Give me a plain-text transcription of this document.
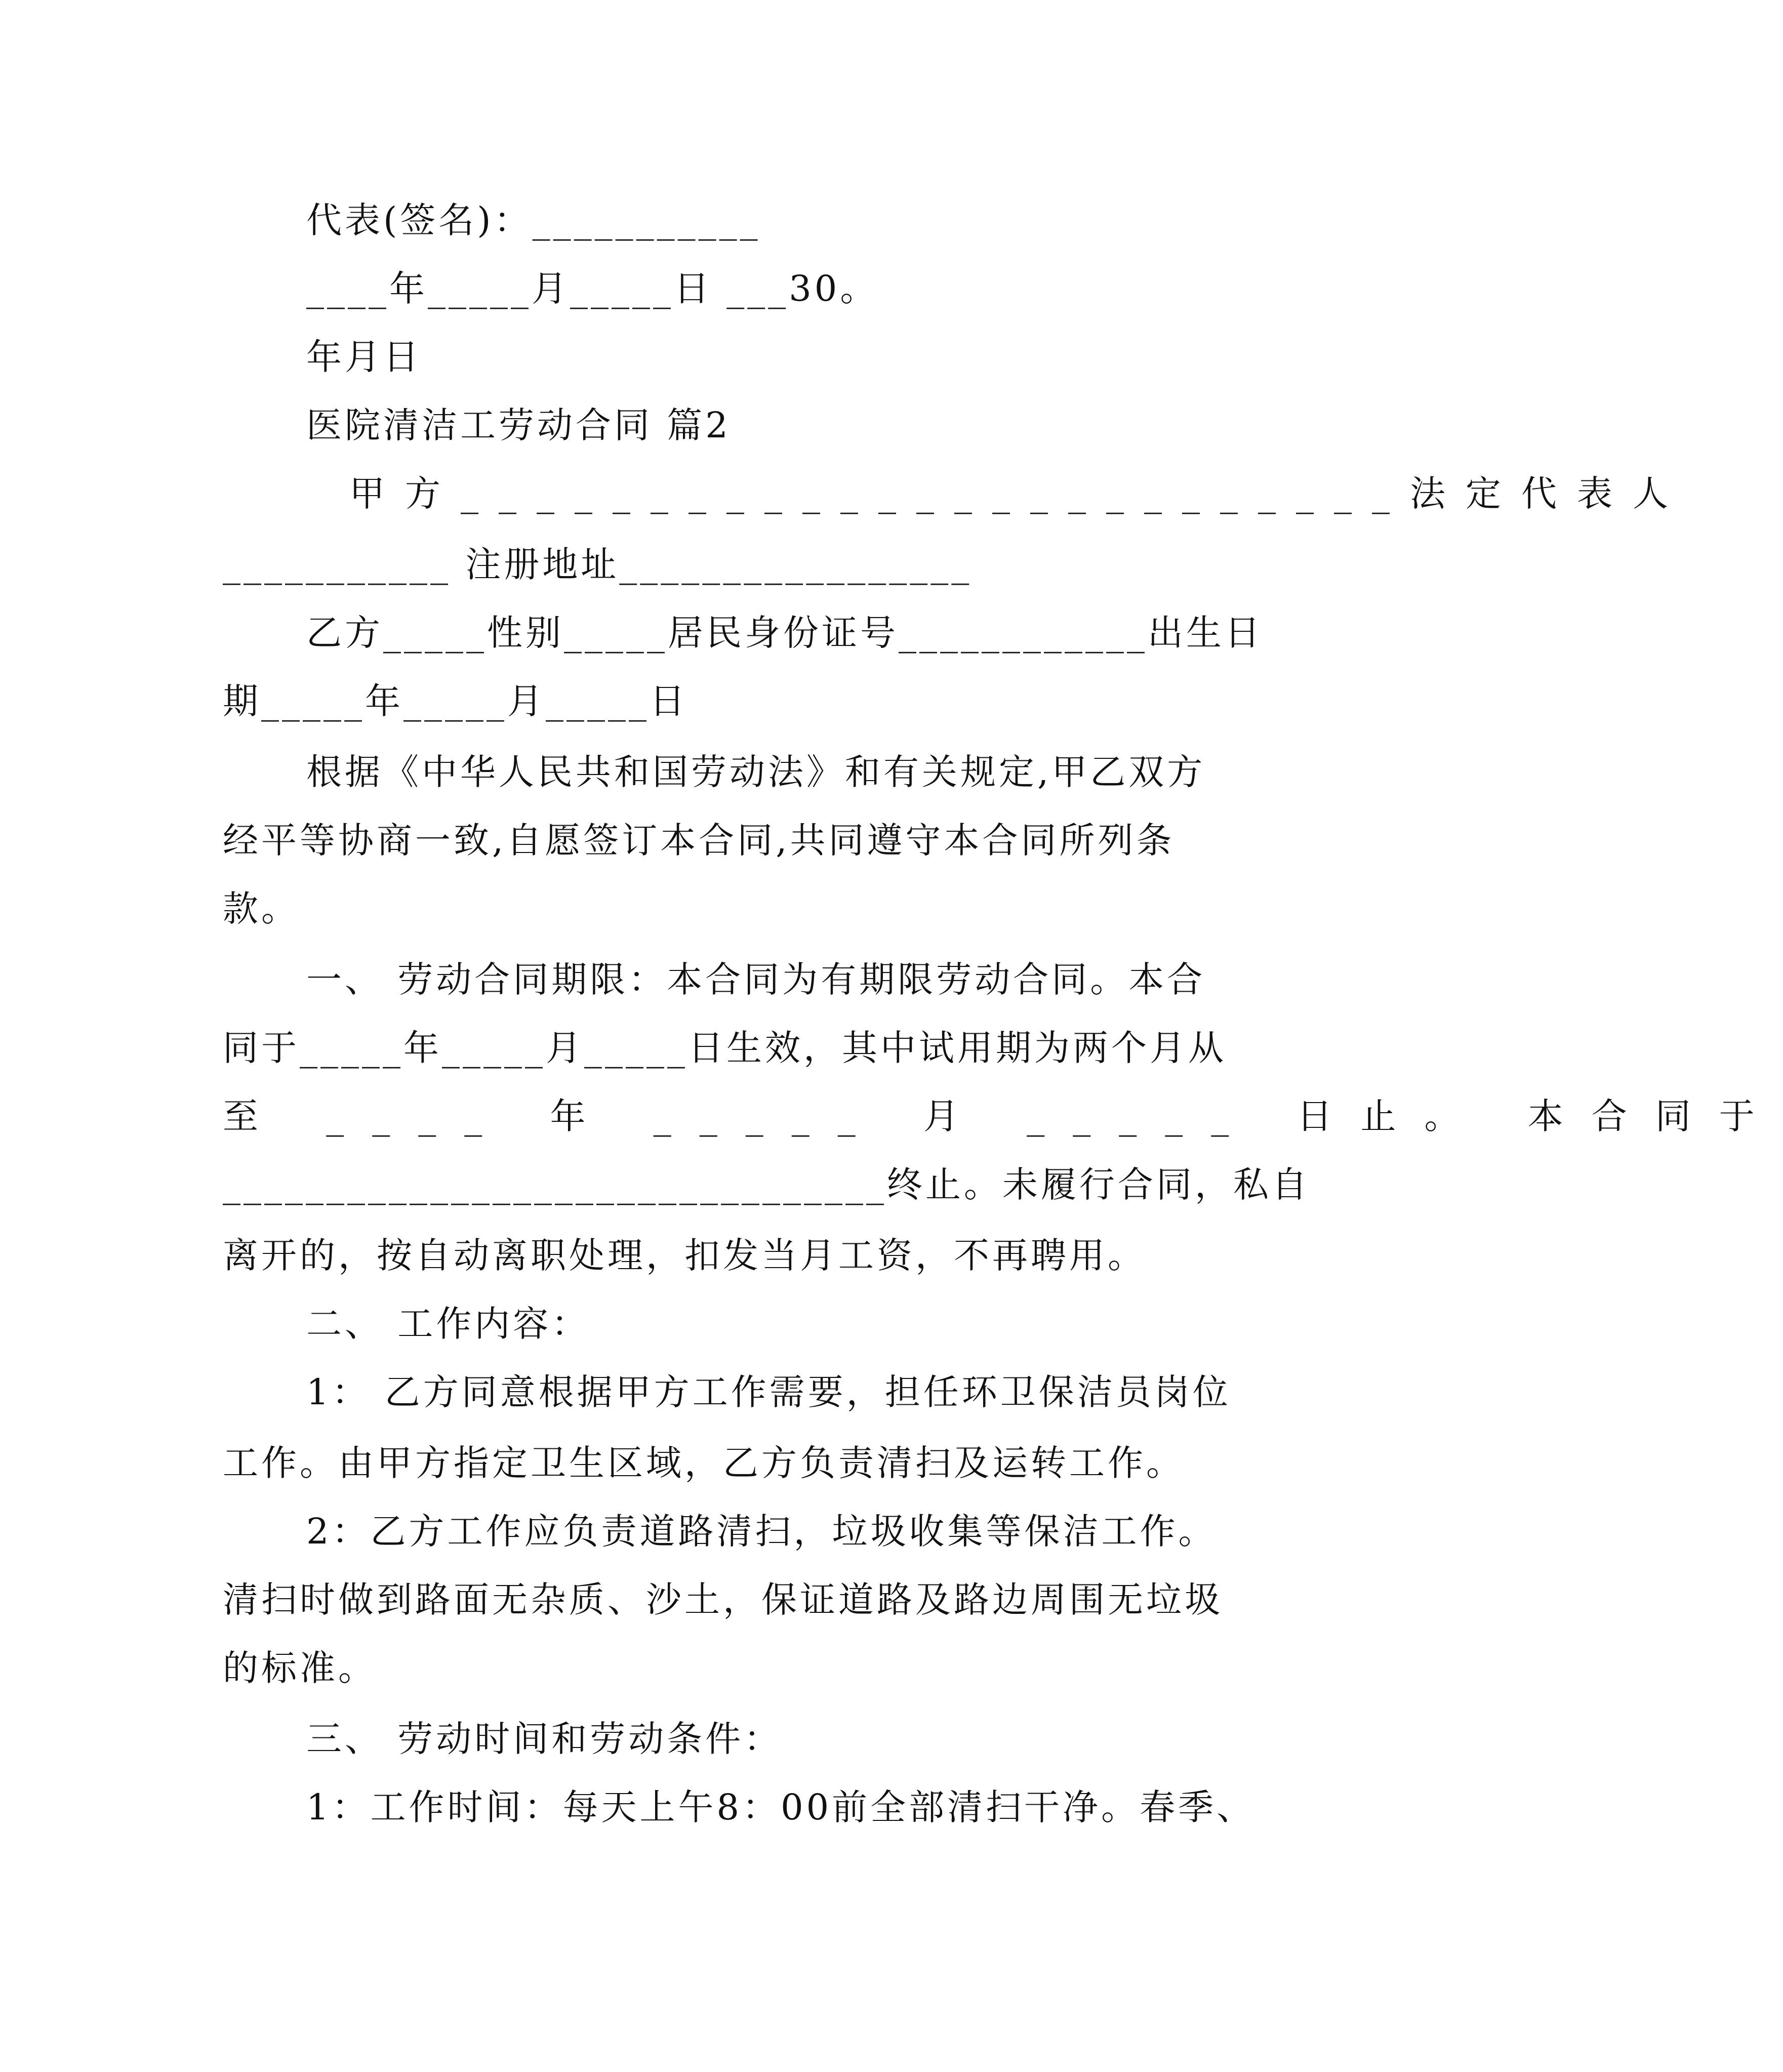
代表(签名)：___________
____年_____月_____日 ___30。
年月日
医院清洁工劳动合同 篇2
甲方_________________________法定代表人
___________ 注册地址_________________
乙方_____性别_____居民身份证号____________出生日
期_____年_____月_____日
根据《中华人民共和国劳动法》和有关规定,甲乙双方
经平等协商一致,自愿签订本合同,共同遵守本合同所列条
款。
一、 劳动合同期限：本合同为有期限劳动合同。本合
同于_____年_____月_____日生效，其中试用期为两个月从
至 ____ 年 _____ 月 _____ 日止。 本合同于
________________________________终止。未履行合同，私自
离开的，按自动离职处理，扣发当月工资，不再聘用。
二、 工作内容：
1： 乙方同意根据甲方工作需要，担任环卫保洁员岗位
工作。由甲方指定卫生区域，乙方负责清扫及运转工作。
2：乙方工作应负责道路清扫，垃圾收集等保洁工作。
清扫时做到路面无杂质、沙土，保证道路及路边周围无垃圾
的标准。
三、 劳动时间和劳动条件：
1：工作时间：每天上午8：00前全部清扫干净。春季、
